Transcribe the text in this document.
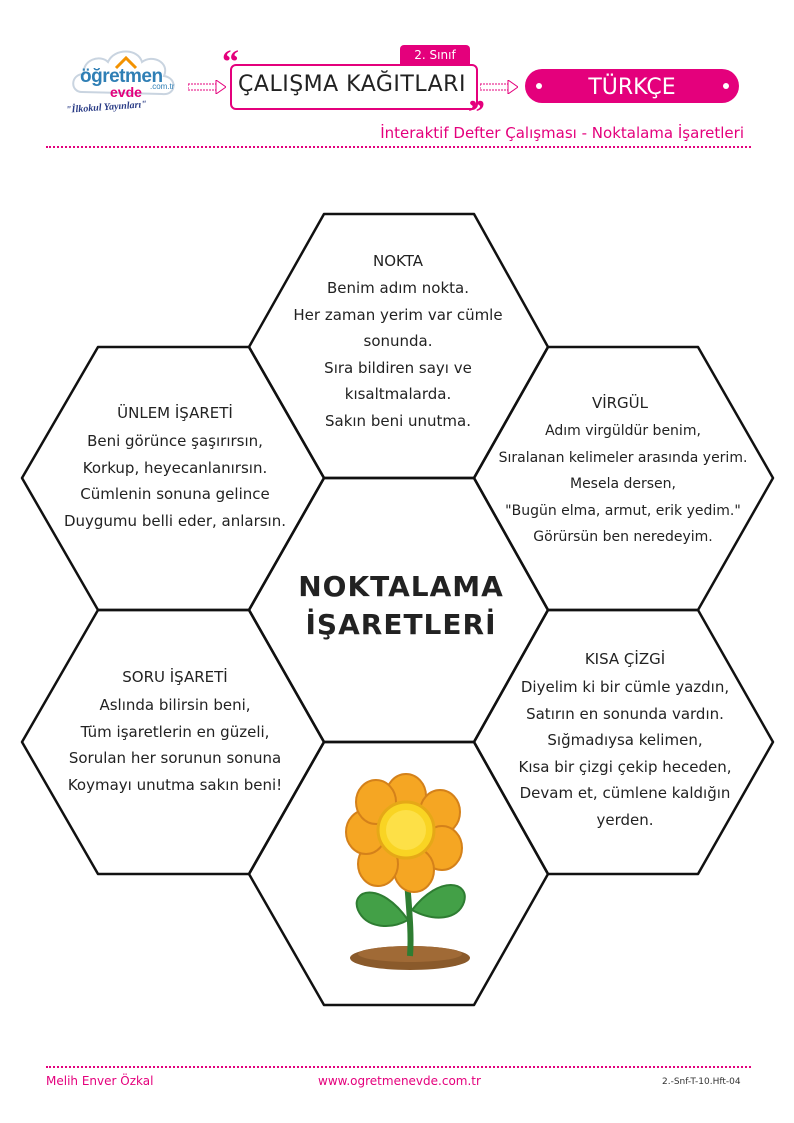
öğretmen
evde .com.tr
"İlkokul Yayınları"
2. Sınıf
“
”
ÇALIŞMA KAĞITLARI	TÜRKÇE
İnteraktif Defter Çalışması - Noktalama İşaretleri
NOKTA
Benim adım nokta.
Her zaman yerim var cümle
sonunda.
Sıra bildiren sayı ve
kısaltmalarda.
Sakın beni unutma.
ÜNLEM İŞARETİ
Beni görünce şaşırırsın,
Korkup, heyecanlanırsın.
Cümlenin sonuna gelince
Duygumu belli eder, anlarsın.
VİRGÜL
Adım virgüldür benim,
Sıralanan kelimeler arasında yerim.
Mesela dersen,
"Bugün elma, armut, erik yedim."
Görürsün ben neredeyim.
NOKTALAMA
İŞARETLERİ
SORU İŞARETİ
Aslında bilirsin beni,
Tüm işaretlerin en güzeli,
Sorulan her sorunun sonuna
Koymayı unutma sakın beni!
KISA ÇİZGİ
Diyelim ki bir cümle yazdın,
Satırın en sonunda vardın.
Sığmadıysa kelimen,
Kısa bir çizgi çekip heceden,
Devam et, cümlene kaldığın
yerden.
Melih Enver Özkal	www.ogretmenevde.com.tr	2.-Snf-T-10.Hft-04
